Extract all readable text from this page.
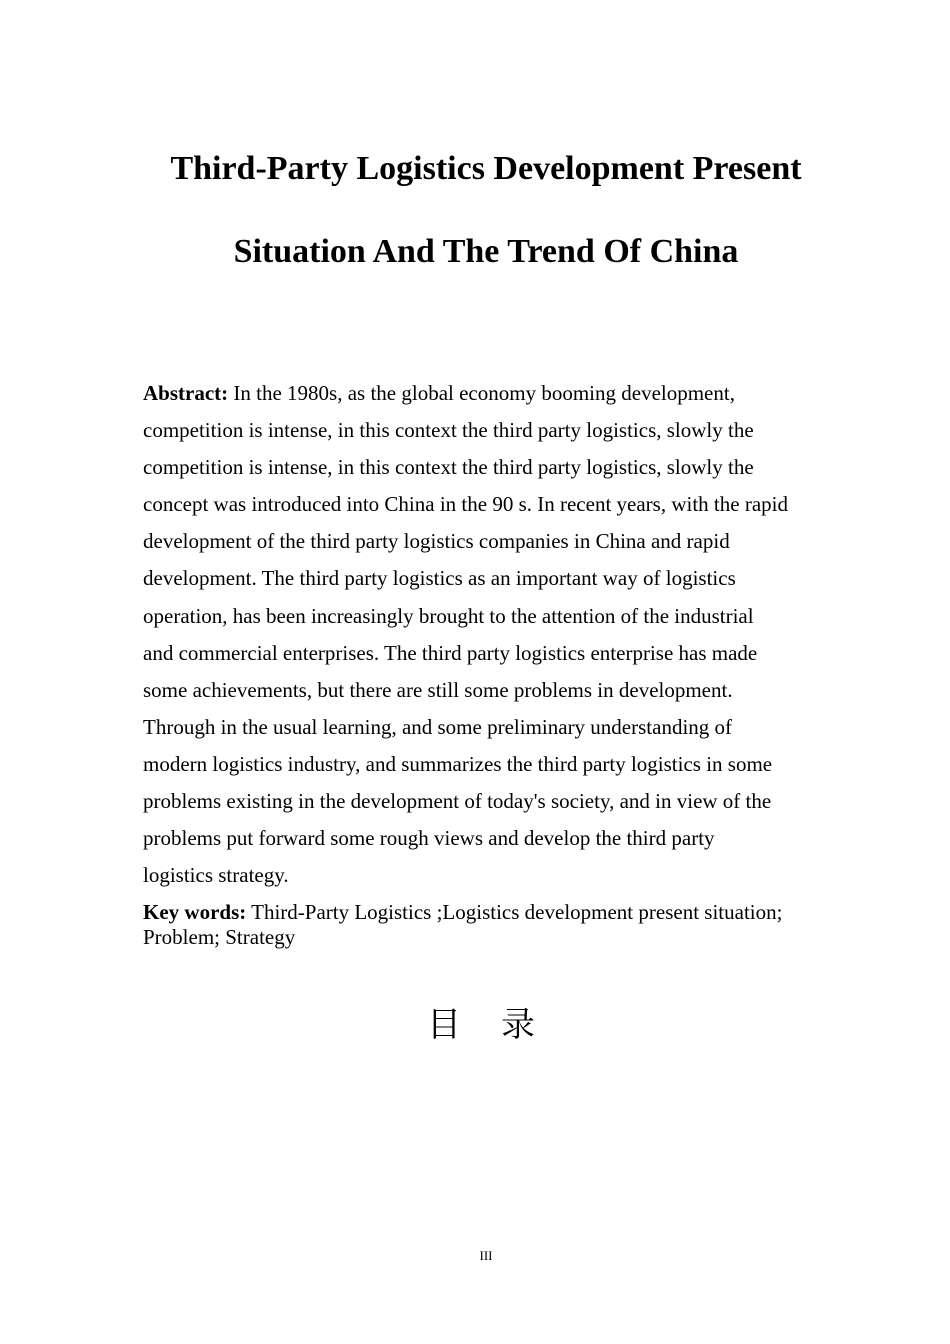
Third-Party Logistics Development Present
Situation And The Trend Of China
Abstract: In the 1980s, as the global economy booming development,
competition is intense, in this context the third party logistics, slowly the
competition is intense, in this context the third party logistics, slowly the
concept was introduced into China in the 90 s. In recent years, with the rapid
development of the third party logistics companies in China and rapid
development. The third party logistics as an important way of logistics
operation, has been increasingly brought to the attention of the industrial
and commercial enterprises. The third party logistics enterprise has made
some achievements, but there are still some problems in development.
Through in the usual learning, and some preliminary understanding of
modern logistics industry, and summarizes the third party logistics in some
problems existing in the development of today's society, and in view of the
problems put forward some rough views and develop the third party
logistics strategy.
Key words: Third-Party Logistics ;Logistics development present situation;
Problem; Strategy
目 录
III
